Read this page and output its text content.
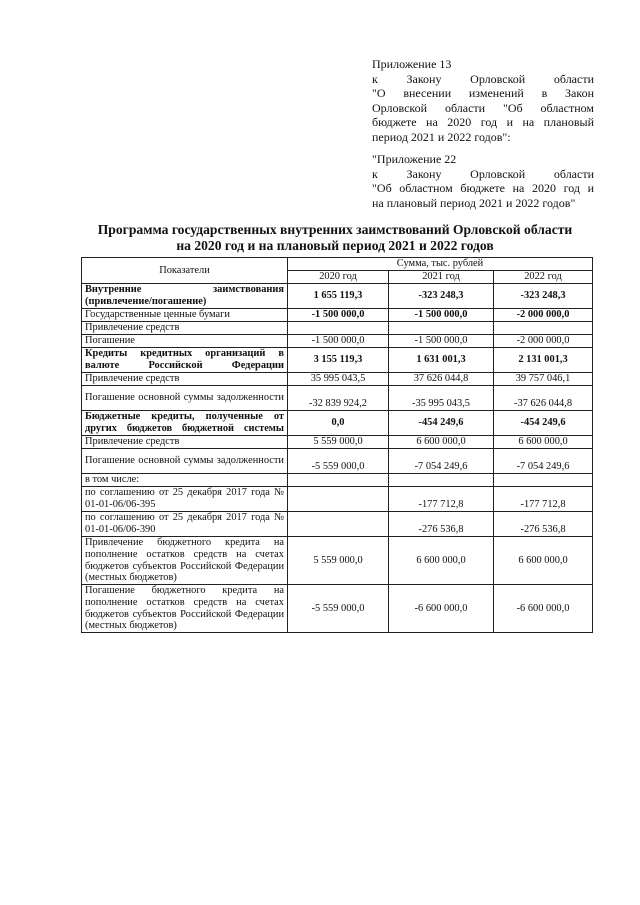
Приложение 13
к Закону Орловской области
"О внесении изменений в Закон
Орловской области "Об областном
бюджете на 2020 год и на плановый
период 2021 и 2022 годов":
"Приложение 22
к Закону Орловской области
"Об областном бюджете на 2020 год и
на плановый период 2021 и 2022 годов"
Программа государственных внутренних заимствований Орловской области
на 2020 год и на плановый период 2021 и 2022 годов
Показатели	Сумма, тыс. рублей		
	2020 год	2021 год	2022 год
Внутренние заимствования (привлечение/погашение)	1 655 119,3	-323 248,3	-323 248,3
Государственные ценные бумаги	-1 500 000,0	-1 500 000,0	-2 000 000,0
Привлечение средств			
Погашение	-1 500 000,0	-1 500 000,0	-2 000 000,0
Кредиты кредитных организаций в валюте Российской Федерации	3 155 119,3	1 631 001,3	2 131 001,3
Привлечение средств	35 995 043,5	37 626 044,8	39 757 046,1
Погашение основной суммы задолженности	-32 839 924,2	-35 995 043,5	-37 626 044,8
Бюджетные кредиты, полученные от других бюджетов бюджетной системы	0,0	-454 249,6	-454 249,6
Привлечение средств	5 559 000,0	6 600 000,0	6 600 000,0
Погашение основной суммы задолженности	-5 559 000,0	-7 054 249,6	-7 054 249,6
в том числе:			
по соглашению от 25 декабря 2017 года № 01-01-06/06-395		-177 712,8	-177 712,8
по соглашению от 25 декабря 2017 года № 01-01-06/06-390		-276 536,8	-276 536,8
Привлечение бюджетного кредита на пополнение остатков средств на счетах бюджетов субъектов Российской Федерации (местных бюджетов)	5 559 000,0	6 600 000,0	6 600 000,0
Погашение бюджетного кредита на пополнение остатков средств на счетах бюджетов субъектов Российской Федерации (местных бюджетов)	-5 559 000,0	-6 600 000,0	-6 600 000,0
